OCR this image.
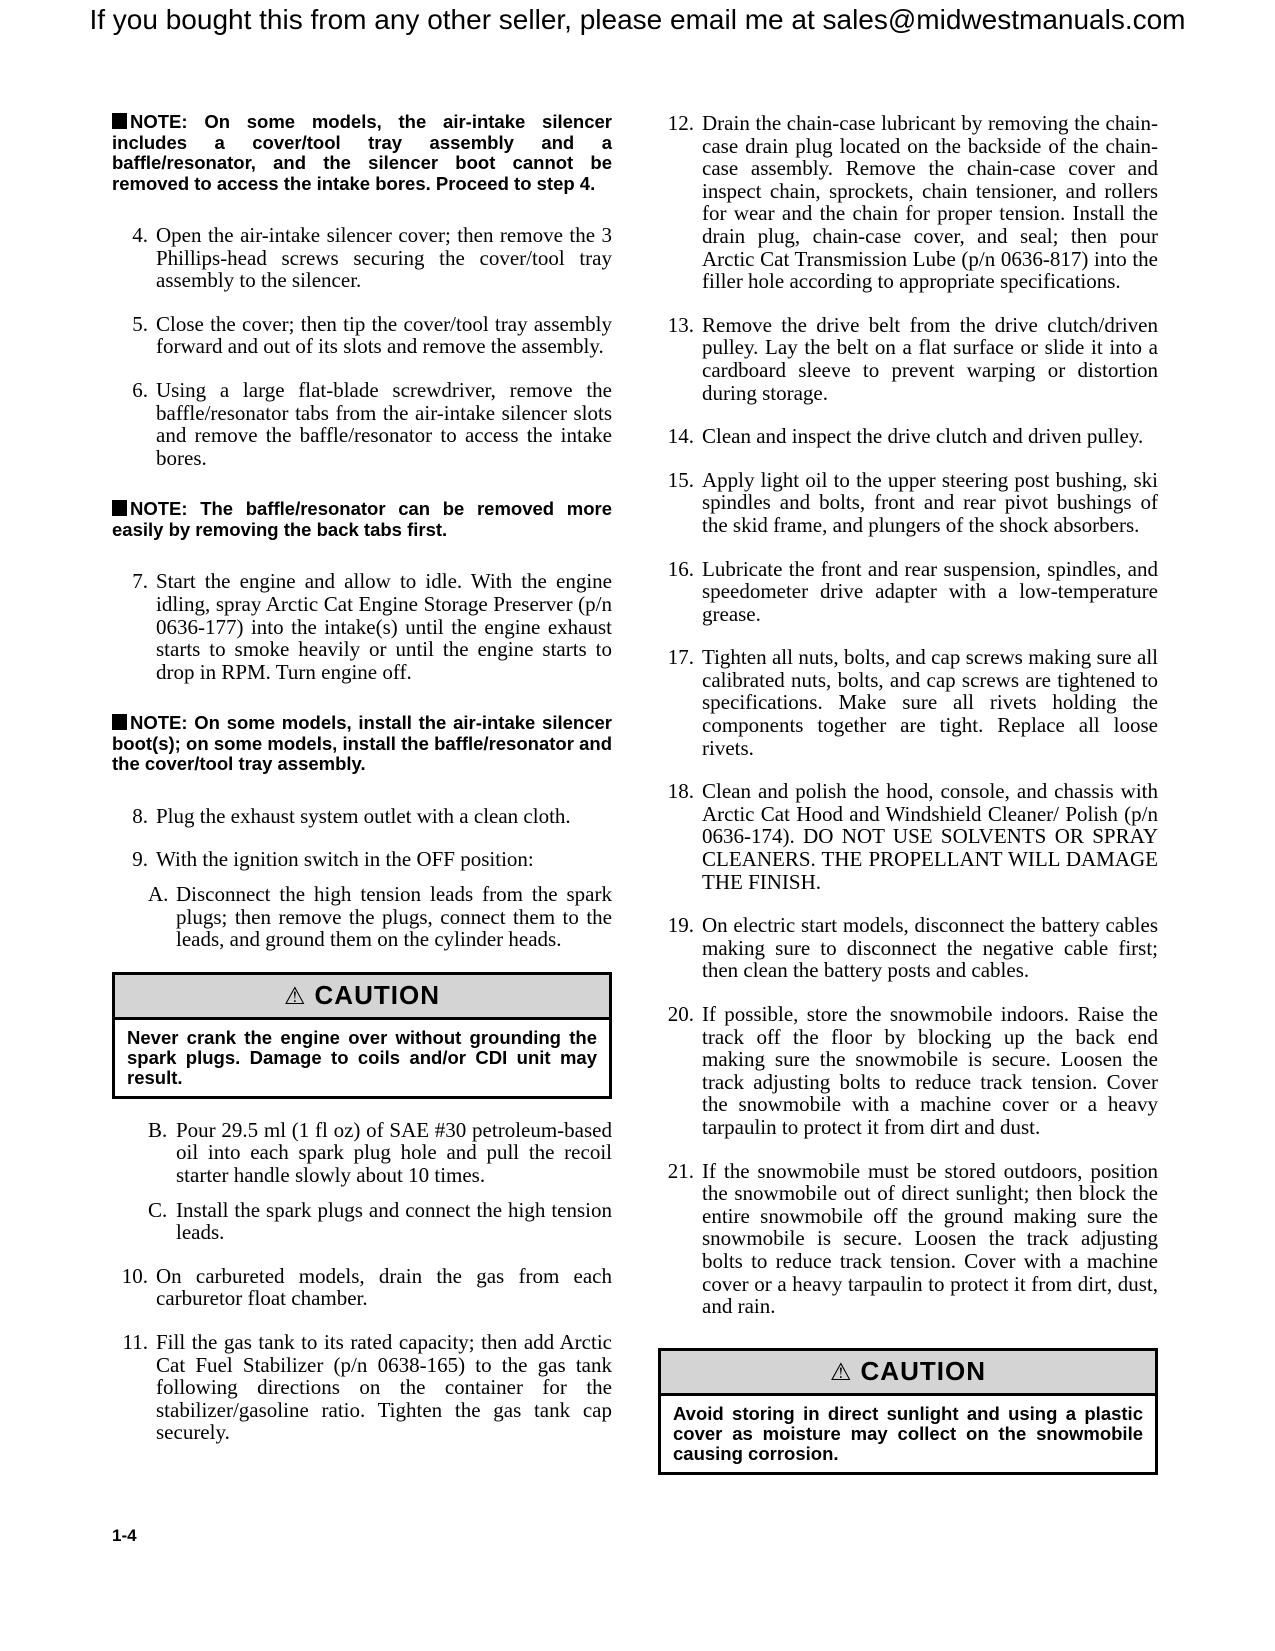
If you bought this from any other seller, please email me at sales@midwestmanuals.com
NOTE: On some models, the air-intake silencer includes a cover/tool tray assembly and a baffle/resonator, and the silencer boot cannot be removed to access the intake bores. Proceed to step 4.
4. Open the air-intake silencer cover; then remove the 3 Phillips-head screws securing the cover/tool tray assembly to the silencer.
5. Close the cover; then tip the cover/tool tray assembly forward and out of its slots and remove the assembly.
6. Using a large flat-blade screwdriver, remove the baffle/resonator tabs from the air-intake silencer slots and remove the baffle/resonator to access the intake bores.
NOTE: The baffle/resonator can be removed more easily by removing the back tabs first.
7. Start the engine and allow to idle. With the engine idling, spray Arctic Cat Engine Storage Preserver (p/n 0636-177) into the intake(s) until the engine exhaust starts to smoke heavily or until the engine starts to drop in RPM. Turn engine off.
NOTE: On some models, install the air-intake silencer boot(s); on some models, install the baffle/resonator and the cover/tool tray assembly.
8. Plug the exhaust system outlet with a clean cloth.
9. With the ignition switch in the OFF position:
A. Disconnect the high tension leads from the spark plugs; then remove the plugs, connect them to the leads, and ground them on the cylinder heads.
⚠ CAUTION
Never crank the engine over without grounding the spark plugs. Damage to coils and/or CDI unit may result.
B. Pour 29.5 ml (1 fl oz) of SAE #30 petroleum-based oil into each spark plug hole and pull the recoil starter handle slowly about 10 times.
C. Install the spark plugs and connect the high tension leads.
10. On carbureted models, drain the gas from each carburetor float chamber.
11. Fill the gas tank to its rated capacity; then add Arctic Cat Fuel Stabilizer (p/n 0638-165) to the gas tank following directions on the container for the stabilizer/gasoline ratio. Tighten the gas tank cap securely.
12. Drain the chain-case lubricant by removing the chain-case drain plug located on the backside of the chain-case assembly. Remove the chain-case cover and inspect chain, sprockets, chain tensioner, and rollers for wear and the chain for proper tension. Install the drain plug, chain-case cover, and seal; then pour Arctic Cat Transmission Lube (p/n 0636-817) into the filler hole according to appropriate specifications.
13. Remove the drive belt from the drive clutch/driven pulley. Lay the belt on a flat surface or slide it into a cardboard sleeve to prevent warping or distortion during storage.
14. Clean and inspect the drive clutch and driven pulley.
15. Apply light oil to the upper steering post bushing, ski spindles and bolts, front and rear pivot bushings of the skid frame, and plungers of the shock absorbers.
16. Lubricate the front and rear suspension, spindles, and speedometer drive adapter with a low-temperature grease.
17. Tighten all nuts, bolts, and cap screws making sure all calibrated nuts, bolts, and cap screws are tightened to specifications. Make sure all rivets holding the components together are tight. Replace all loose rivets.
18. Clean and polish the hood, console, and chassis with Arctic Cat Hood and Windshield Cleaner/ Polish (p/n 0636-174). DO NOT USE SOLVENTS OR SPRAY CLEANERS. THE PROPELLANT WILL DAMAGE THE FINISH.
19. On electric start models, disconnect the battery cables making sure to disconnect the negative cable first; then clean the battery posts and cables.
20. If possible, store the snowmobile indoors. Raise the track off the floor by blocking up the back end making sure the snowmobile is secure. Loosen the track adjusting bolts to reduce track tension. Cover the snowmobile with a machine cover or a heavy tarpaulin to protect it from dirt and dust.
21. If the snowmobile must be stored outdoors, position the snowmobile out of direct sunlight; then block the entire snowmobile off the ground making sure the snowmobile is secure. Loosen the track adjusting bolts to reduce track tension. Cover with a machine cover or a heavy tarpaulin to protect it from dirt, dust, and rain.
⚠ CAUTION
Avoid storing in direct sunlight and using a plastic cover as moisture may collect on the snowmobile causing corrosion.
1-4
